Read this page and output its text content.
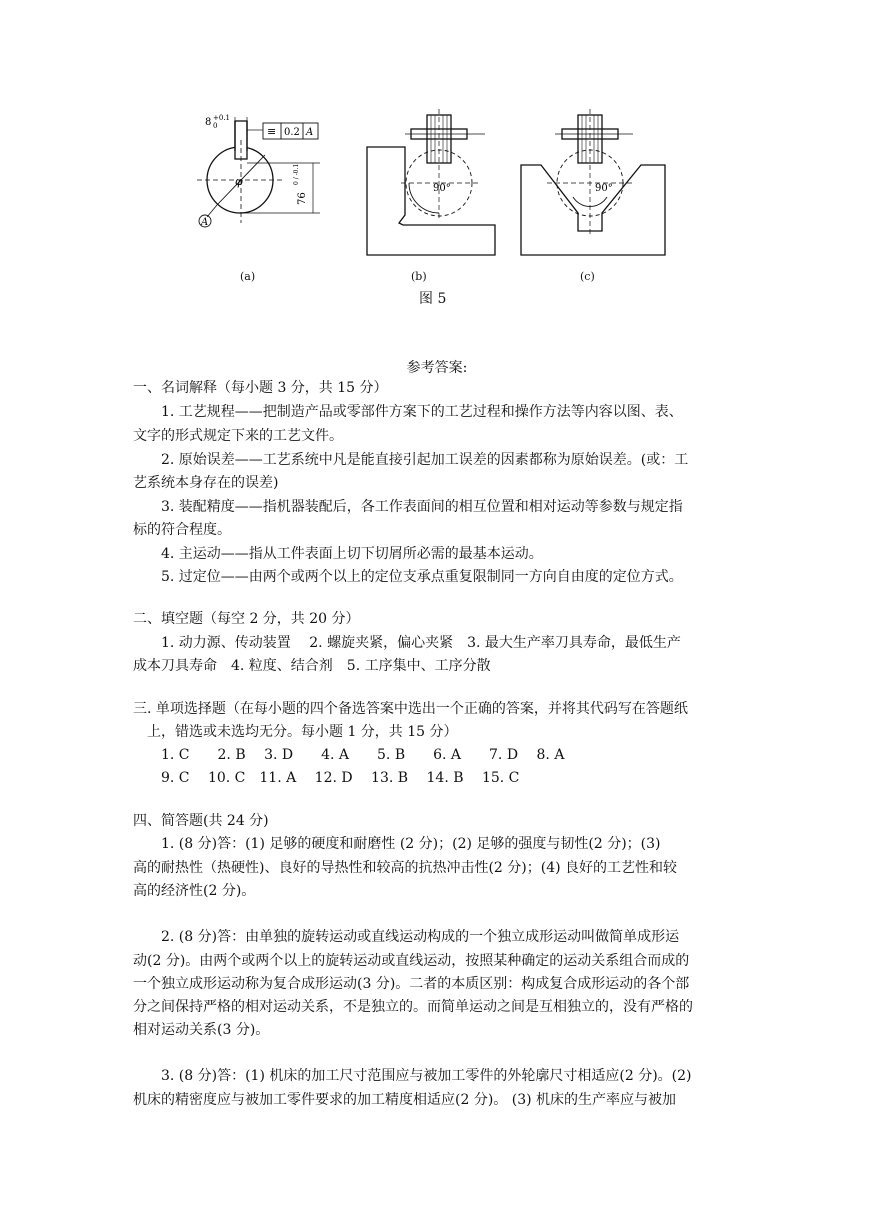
8 +0.1
0	≡ 0.2 A
φ
76
0 / -0.1
A
90°	90°
(a)	(b)	(c)
图 5
参考答案:
一、名词解释（每小题 3 分，共 15 分）
1. 工艺规程——把制造产品或零部件方案下的工艺过程和操作方法等内容以图、表、
文字的形式规定下来的工艺文件。
2. 原始误差——工艺系统中凡是能直接引起加工误差的因素都称为原始误差。(或：工
艺系统本身存在的误差)
3. 装配精度——指机器装配后，各工作表面间的相互位置和相对运动等参数与规定指
标的符合程度。
4. 主运动——指从工件表面上切下切屑所必需的最基本运动。
5. 过定位——由两个或两个以上的定位支承点重复限制同一方向自由度的定位方式。
二、填空题（每空 2 分，共 20 分）
1. 动力源、传动装置　 2. 螺旋夹紧，偏心夹紧　3. 最大生产率刀具寿命，最低生产
成本刀具寿命　4. 粒度、结合剂　5. 工序集中、工序分散
三. 单项选择题（在每小题的四个备选答案中选出一个正确的答案，并将其代码写在答题纸
上，错选或未选均无分。每小题 1 分，共 15 分）
1. C　　2. B　 3. D　　4. A　　5. B　　6. A　　7. D　 8. A
9. C　 10. C　11. A　 12. D　 13. B　 14. B　 15. C
四、简答题(共 24 分)
1. (8 分)答：(1) 足够的硬度和耐磨性 (2 分)；(2) 足够的强度与韧性(2 分)；(3)
高的耐热性（热硬性)、良好的导热性和较高的抗热冲击性(2 分)；(4) 良好的工艺性和较
高的经济性(2 分)。
2. (8 分)答：由单独的旋转运动或直线运动构成的一个独立成形运动叫做简单成形运
动(2 分)。由两个或两个以上的旋转运动或直线运动，按照某种确定的运动关系组合而成的
一个独立成形运动称为复合成形运动(3 分)。二者的本质区别：构成复合成形运动的各个部
分之间保持严格的相对运动关系，不是独立的。而简单运动之间是互相独立的，没有严格的
相对运动关系(3 分)。
3. (8 分)答：(1) 机床的加工尺寸范围应与被加工零件的外轮廓尺寸相适应(2 分)。(2)
机床的精密度应与被加工零件要求的加工精度相适应(2 分)。 (3) 机床的生产率应与被加
